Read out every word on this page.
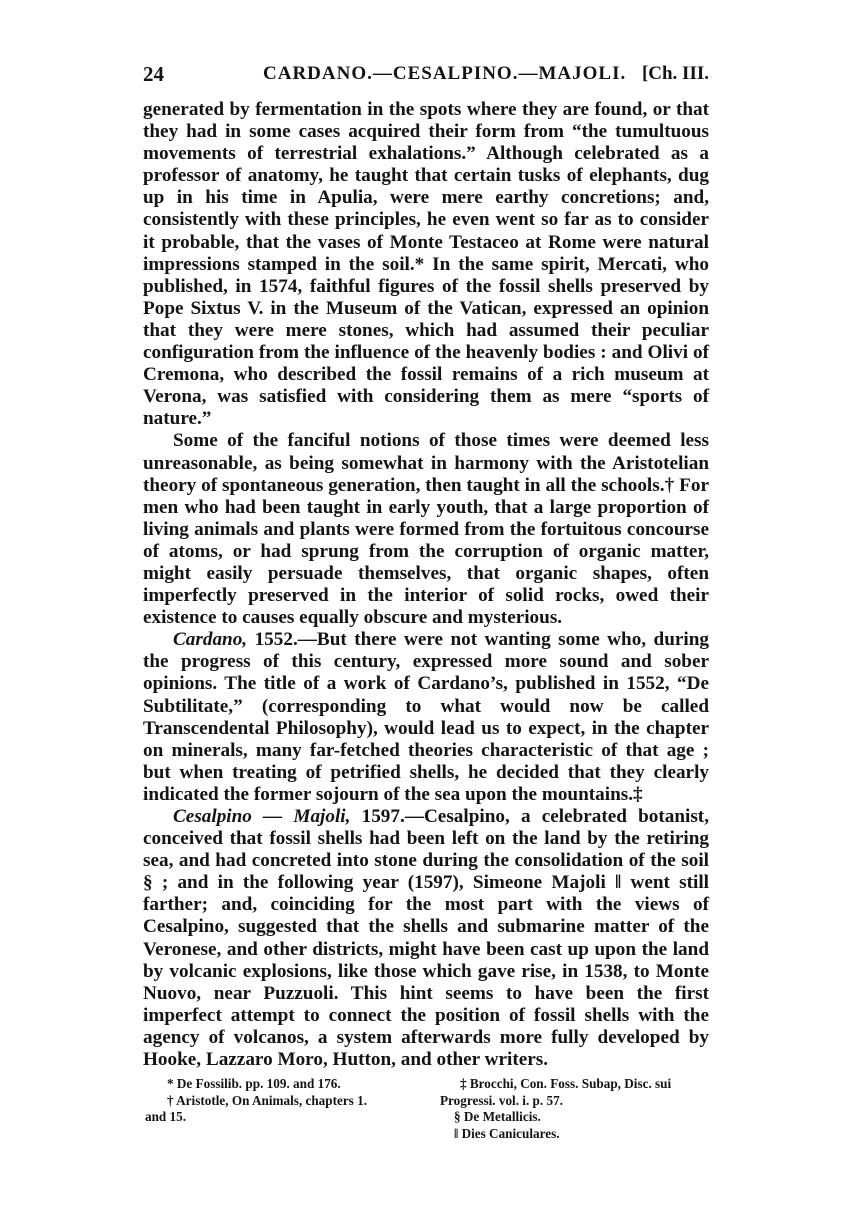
24	CARDANO.—CESALPINO.—MAJOLI. [Ch. III.

generated by fermentation in the spots where they are found, or that they had in some cases acquired their form from “the tumultuous movements of terrestrial exhalations.” Although celebrated as a professor of anatomy, he taught that certain tusks of elephants, dug up in his time in Apulia, were mere earthy concretions; and, consistently with these principles, he even went so far as to consider it probable, that the vases of Monte Testaceo at Rome were natural impressions stamped in the soil.* In the same spirit, Mercati, who published, in 1574, faithful figures of the fossil shells preserved by Pope Sixtus V. in the Museum of the Vatican, expressed an opinion that they were mere stones, which had assumed their peculiar configuration from the influence of the heavenly bodies : and Olivi of Cremona, who described the fossil remains of a rich museum at Verona, was satisfied with considering them as mere “sports of nature.”

Some of the fanciful notions of those times were deemed less unreasonable, as being somewhat in harmony with the Aristotelian theory of spontaneous generation, then taught in all the schools.† For men who had been taught in early youth, that a large proportion of living animals and plants were formed from the fortuitous concourse of atoms, or had sprung from the corruption of organic matter, might easily persuade themselves, that organic shapes, often imperfectly preserved in the interior of solid rocks, owed their existence to causes equally obscure and mysterious.

Cardano, 1552.—But there were not wanting some who, during the progress of this century, expressed more sound and sober opinions. The title of a work of Cardano’s, published in 1552, “De Subtilitate,” (corresponding to what would now be called Transcendental Philosophy), would lead us to expect, in the chapter on minerals, many far-fetched theories characteristic of that age ; but when treating of petrified shells, he decided that they clearly indicated the former sojourn of the sea upon the mountains.‡

Cesalpino — Majoli, 1597.—Cesalpino, a celebrated botanist, conceived that fossil shells had been left on the land by the retiring sea, and had concreted into stone during the consolidation of the soil § ; and in the following year (1597), Simeone Majoli ‖ went still farther; and, coinciding for the most part with the views of Cesalpino, suggested that the shells and submarine matter of the Veronese, and other districts, might have been cast up upon the land by volcanic explosions, like those which gave rise, in 1538, to Monte Nuovo, near Puzzuoli. This hint seems to have been the first imperfect attempt to connect the position of fossil shells with the agency of volcanos, a system afterwards more fully developed by Hooke, Lazzaro Moro, Hutton, and other writers.

* De Fossilib. pp. 109. and 176.
† Aristotle, On Animals, chapters 1.
and 15.
‡ Brocchi, Con. Foss. Subap, Disc. sui
Progressi. vol. i. p. 57.
§ De Metallicis.
‖ Dies Caniculares.
